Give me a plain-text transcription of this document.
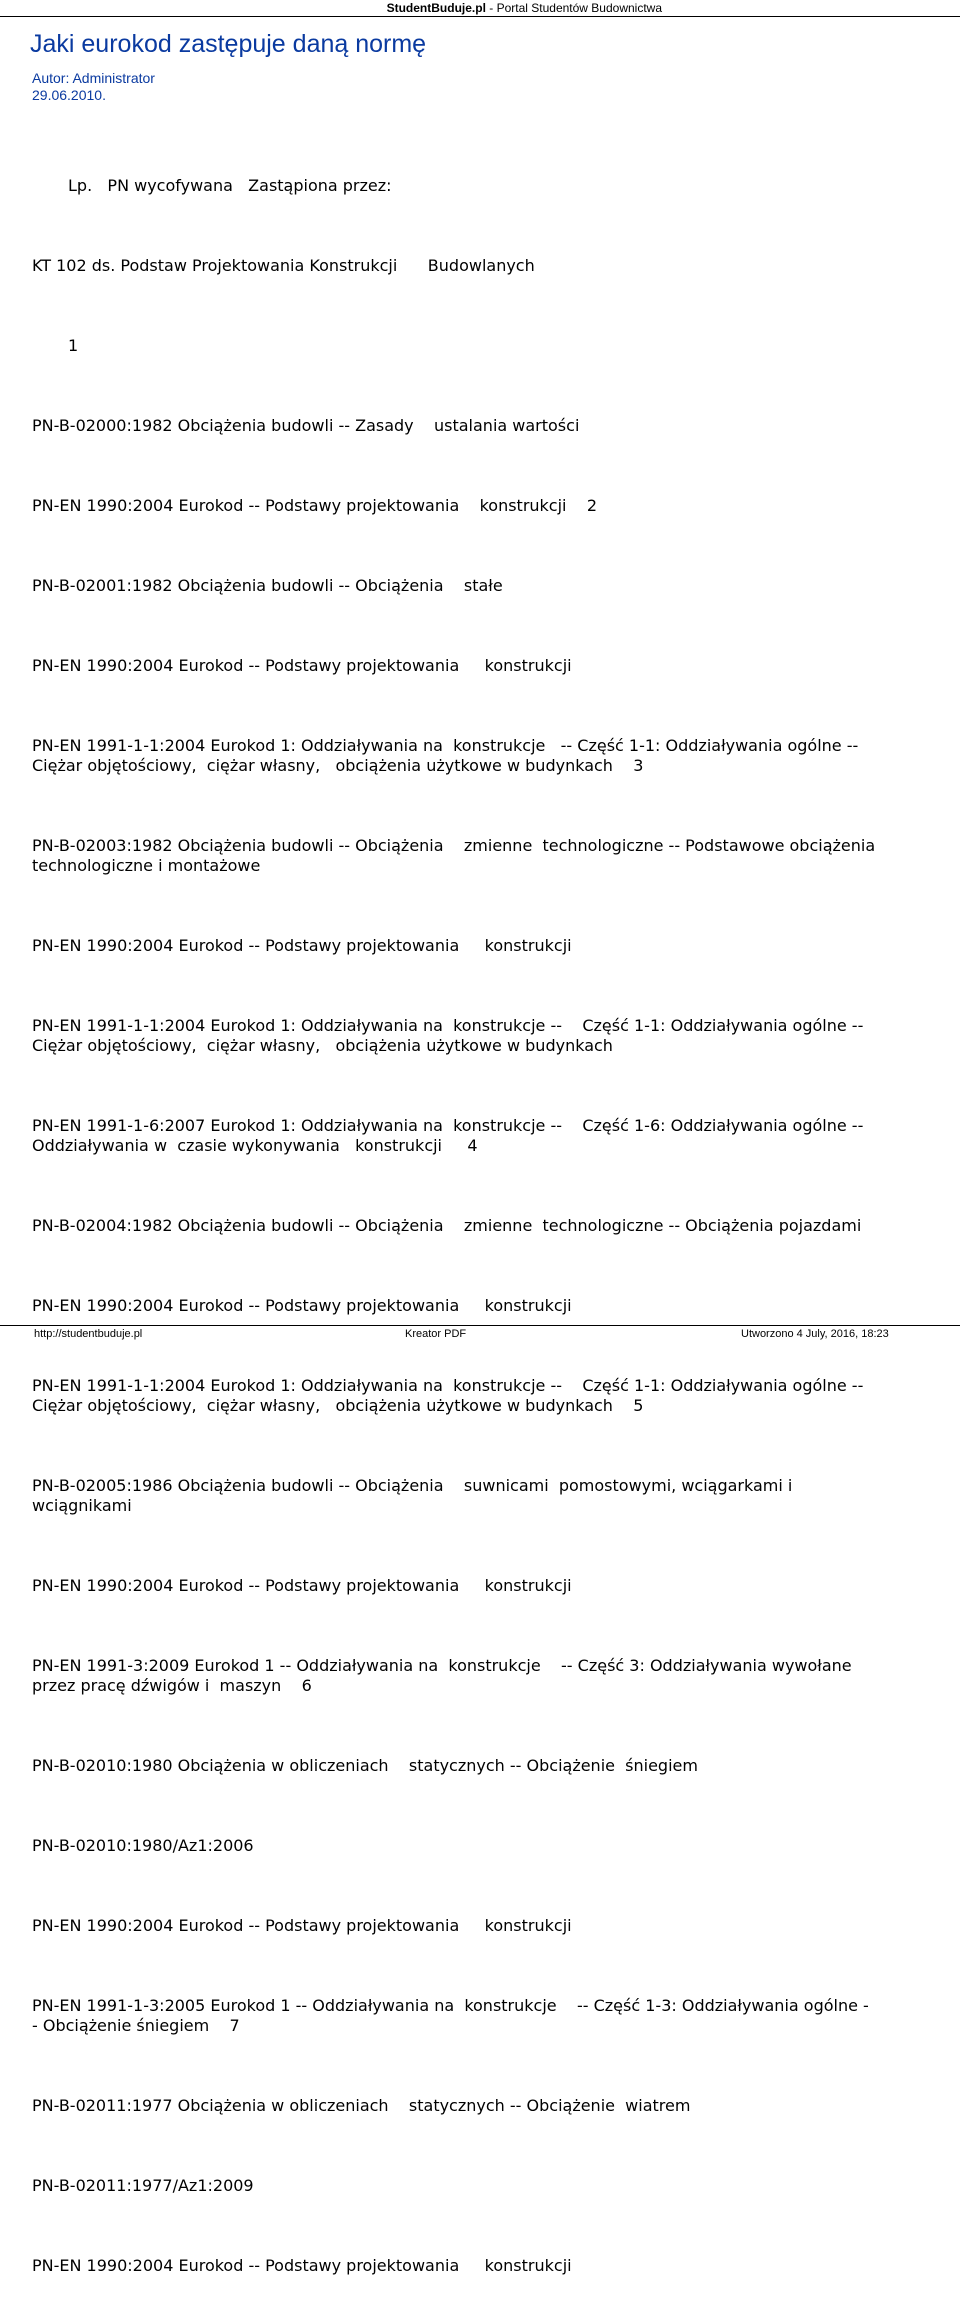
StudentBuduje.pl - Portal Studentów Budownictwa
Jaki eurokod zastępuje daną normę
Autor: Administrator
29.06.2010.

Lp.   PN wycofywana   Zastąpiona przez:

KT 102 ds. Podstaw Projektowania Konstrukcji      Budowlanych

1

PN-B-02000:1982 Obciążenia budowli -- Zasady    ustalania wartości

PN-EN 1990:2004 Eurokod -- Podstawy projektowania    konstrukcji    2

PN-B-02001:1982 Obciążenia budowli -- Obciążenia    stałe

PN-EN 1990:2004 Eurokod -- Podstawy projektowania     konstrukcji

PN-EN 1991-1-1:2004 Eurokod 1: Oddziaływania na  konstrukcje   -- Część 1-1: Oddziaływania ogólne --
Ciężar objętościowy,  ciężar własny,   obciążenia użytkowe w budynkach    3

PN-B-02003:1982 Obciążenia budowli -- Obciążenia    zmienne  technologiczne -- Podstawowe obciążenia
technologiczne i montażowe

PN-EN 1990:2004 Eurokod -- Podstawy projektowania     konstrukcji

PN-EN 1991-1-1:2004 Eurokod 1: Oddziaływania na  konstrukcje --    Część 1-1: Oddziaływania ogólne --
Ciężar objętościowy,  ciężar własny,   obciążenia użytkowe w budynkach

PN-EN 1991-1-6:2007 Eurokod 1: Oddziaływania na  konstrukcje --    Część 1-6: Oddziaływania ogólne --
Oddziaływania w  czasie wykonywania   konstrukcji     4

PN-B-02004:1982 Obciążenia budowli -- Obciążenia    zmienne  technologiczne -- Obciążenia pojazdami

PN-EN 1990:2004 Eurokod -- Podstawy projektowania     konstrukcji

PN-EN 1991-1-1:2004 Eurokod 1: Oddziaływania na  konstrukcje --    Część 1-1: Oddziaływania ogólne --
Ciężar objętościowy,  ciężar własny,   obciążenia użytkowe w budynkach    5

PN-B-02005:1986 Obciążenia budowli -- Obciążenia    suwnicami  pomostowymi, wciągarkami i
wciągnikami

PN-EN 1990:2004 Eurokod -- Podstawy projektowania     konstrukcji

PN-EN 1991-3:2009 Eurokod 1 -- Oddziaływania na  konstrukcje    -- Część 3: Oddziaływania wywołane
przez pracę dźwigów i  maszyn    6

PN-B-02010:1980 Obciążenia w obliczeniach    statycznych -- Obciążenie  śniegiem

PN-B-02010:1980/Az1:2006

PN-EN 1990:2004 Eurokod -- Podstawy projektowania     konstrukcji

PN-EN 1991-1-3:2005 Eurokod 1 -- Oddziaływania na  konstrukcje    -- Część 1-3: Oddziaływania ogólne -
- Obciążenie śniegiem    7

PN-B-02011:1977 Obciążenia w obliczeniach    statycznych -- Obciążenie  wiatrem

PN-B-02011:1977/Az1:2009

PN-EN 1990:2004 Eurokod -- Podstawy projektowania     konstrukcji

http://studentbuduje.pl	Kreator PDF	Utworzono 4 July, 2016, 18:23
